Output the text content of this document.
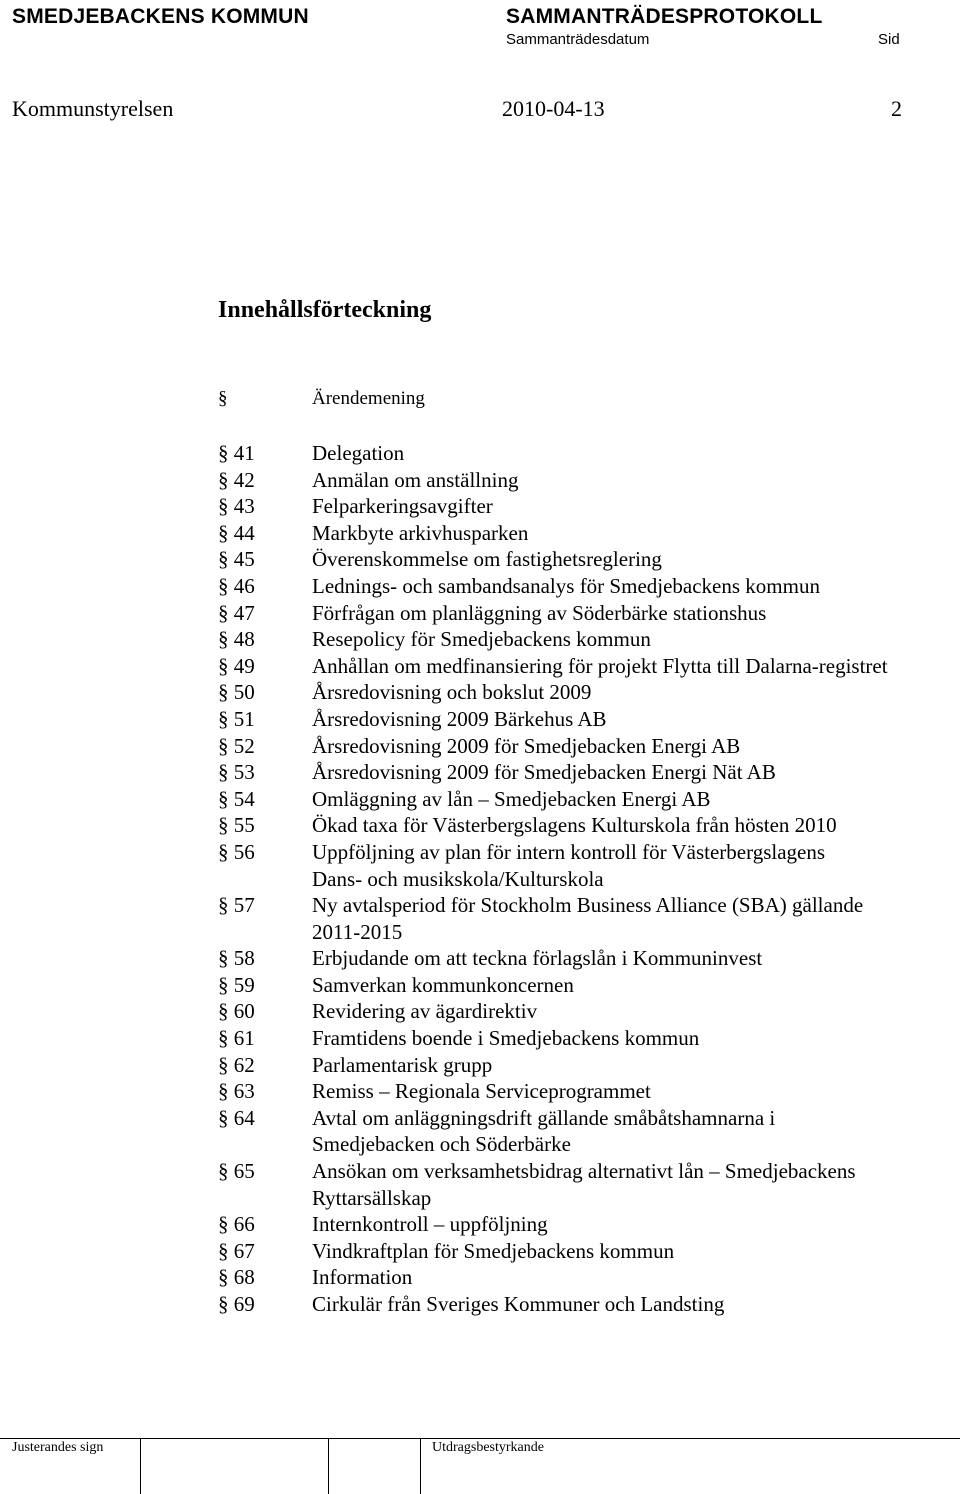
SMEDJEBACKENS KOMMUN	SAMMANTRÄDESPROTOKOLL
Sammanträdesdatum	Sid
Kommunstyrelsen	2010-04-13	2
Innehållsförteckning
§	Ärendemening
§ 41	Delegation
§ 42	Anmälan om anställning
§ 43	Felparkeringsavgifter
§ 44	Markbyte arkivhusparken
§ 45	Överenskommelse om fastighetsreglering
§ 46	Lednings- och sambandsanalys för Smedjebackens kommun
§ 47	Förfrågan om planläggning av Söderbärke stationshus
§ 48	Resepolicy för Smedjebackens kommun
§ 49	Anhållan om medfinansiering för projekt Flytta till Dalarna-registret
§ 50	Årsredovisning och bokslut 2009
§ 51	Årsredovisning 2009 Bärkehus AB
§ 52	Årsredovisning 2009 för Smedjebacken Energi AB
§ 53	Årsredovisning 2009 för Smedjebacken Energi Nät AB
§ 54	Omläggning av lån – Smedjebacken Energi AB
§ 55	Ökad taxa för Västerbergslagens Kulturskola från hösten 2010
§ 56	Uppföljning av plan för intern kontroll för Västerbergslagens
Dans- och musikskola/Kulturskola
§ 57	Ny avtalsperiod för Stockholm Business Alliance (SBA) gällande
2011-2015
§ 58	Erbjudande om att teckna förlagslån i Kommuninvest
§ 59	Samverkan kommunkoncernen
§ 60	Revidering av ägardirektiv
§ 61	Framtidens boende i Smedjebackens kommun
§ 62	Parlamentarisk grupp
§ 63	Remiss – Regionala Serviceprogrammet
§ 64	Avtal om anläggningsdrift gällande småbåtshamnarna i
Smedjebacken och Söderbärke
§ 65	Ansökan om verksamhetsbidrag alternativt lån – Smedjebackens
Ryttarsällskap
§ 66	Internkontroll – uppföljning
§ 67	Vindkraftplan för Smedjebackens kommun
§ 68	Information
§ 69	Cirkulär från Sveriges Kommuner och Landsting
Justerandes sign	Utdragsbestyrkande
